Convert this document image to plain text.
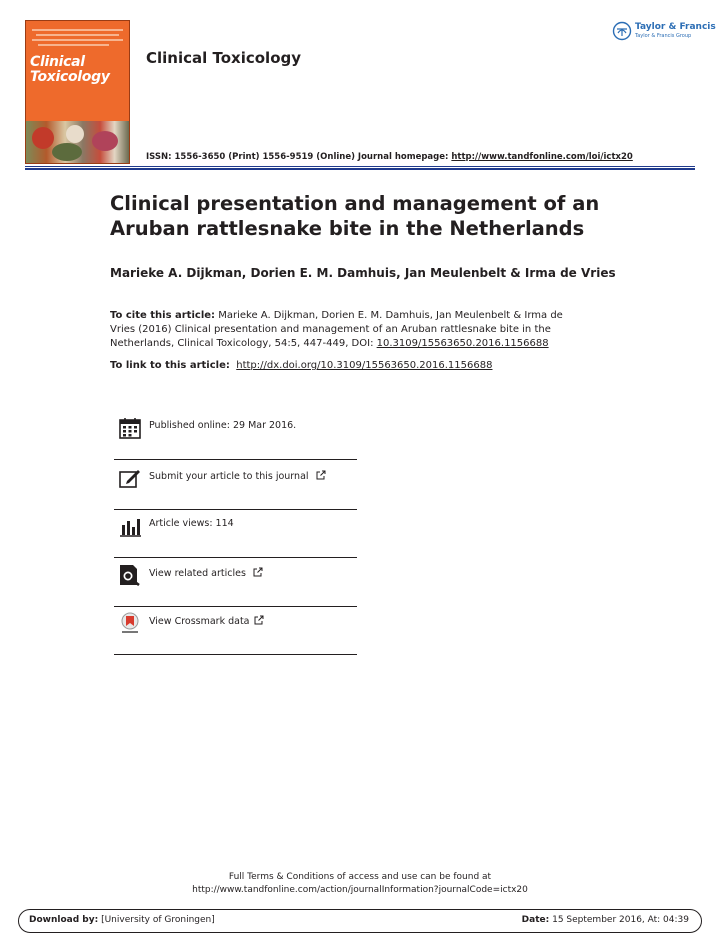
Clinical
Toxicology
Clinical Toxicology
ISSN: 1556-3650 (Print) 1556-9519 (Online) Journal homepage: http://www.tandfonline.com/loi/ictx20
Taylor & Francis
Taylor & Francis Group
Clinical presentation and management of an Aruban rattlesnake bite in the Netherlands
Marieke A. Dijkman, Dorien E. M. Damhuis, Jan Meulenbelt & Irma de Vries
To cite this article: Marieke A. Dijkman, Dorien E. M. Damhuis, Jan Meulenbelt & Irma de Vries (2016) Clinical presentation and management of an Aruban rattlesnake bite in the Netherlands, Clinical Toxicology, 54:5, 447-449, DOI: 10.3109/15563650.2016.1156688
To link to this article: http://dx.doi.org/10.3109/15563650.2016.1156688
Published online: 29 Mar 2016.
Submit your article to this journal
Article views: 114
View related articles
View Crossmark data
Full Terms & Conditions of access and use can be found at
http://www.tandfonline.com/action/journalInformation?journalCode=ictx20
Download by: [University of Groningen]	Date: 15 September 2016, At: 04:39
